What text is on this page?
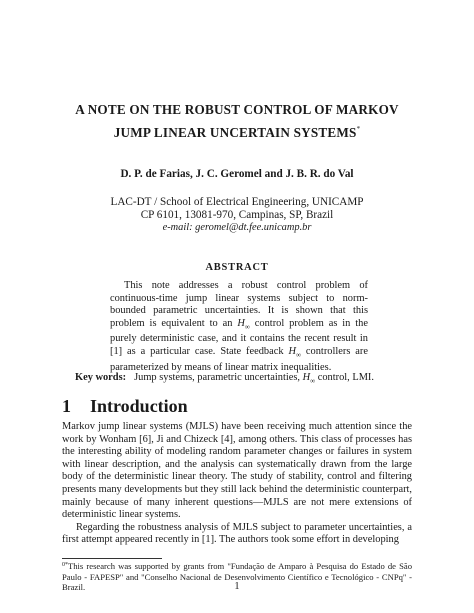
A NOTE ON THE ROBUST CONTROL OF MARKOV
JUMP LINEAR UNCERTAIN SYSTEMS*
D. P. de Farias, J. C. Geromel and J. B. R. do Val
LAC-DT / School of Electrical Engineering, UNICAMP
CP 6101, 13081-970, Campinas, SP, Brazil
e-mail: geromel@dt.fee.unicamp.br
ABSTRACT

This note addresses a robust control problem of continuous-time jump linear systems subject to norm-bounded parametric uncertainties. It is shown that this problem is equivalent to an $H_\infty$ control problem as in the purely deterministic case, and it contains the recent result in [1] as a particular case. State feedback $H_\infty$ controllers are parameterized by means of linear matrix inequalities.

Key words: Jump systems, parametric uncertainties, $H_\infty$ control, LMI.
1 Introduction

Markov jump linear systems (MJLS) have been receiving much attention since the work by Wonham [6], Ji and Chizeck [4], among others. This class of processes has the interesting ability of modeling random parameter changes or failures in system with linear description, and the analysis can systematically drawn from the large body of the deterministic linear theory. The study of stability, control and filtering presents many developments but they still lack behind the deterministic counterpart, mainly because of many inherent questions—MJLS are not mere extensions of deterministic linear systems.

Regarding the robustness analysis of MJLS subject to parameter uncertainties, a first attempt appeared recently in [1]. The authors took some effort in developing

$^{0*}$This research was supported by grants from "Fundação de Amparo à Pesquisa do Estado de São Paulo - FAPESP" and "Conselho Nacional de Desenvolvimento Científico e Tecnológico - CNPq" - Brazil.	1
